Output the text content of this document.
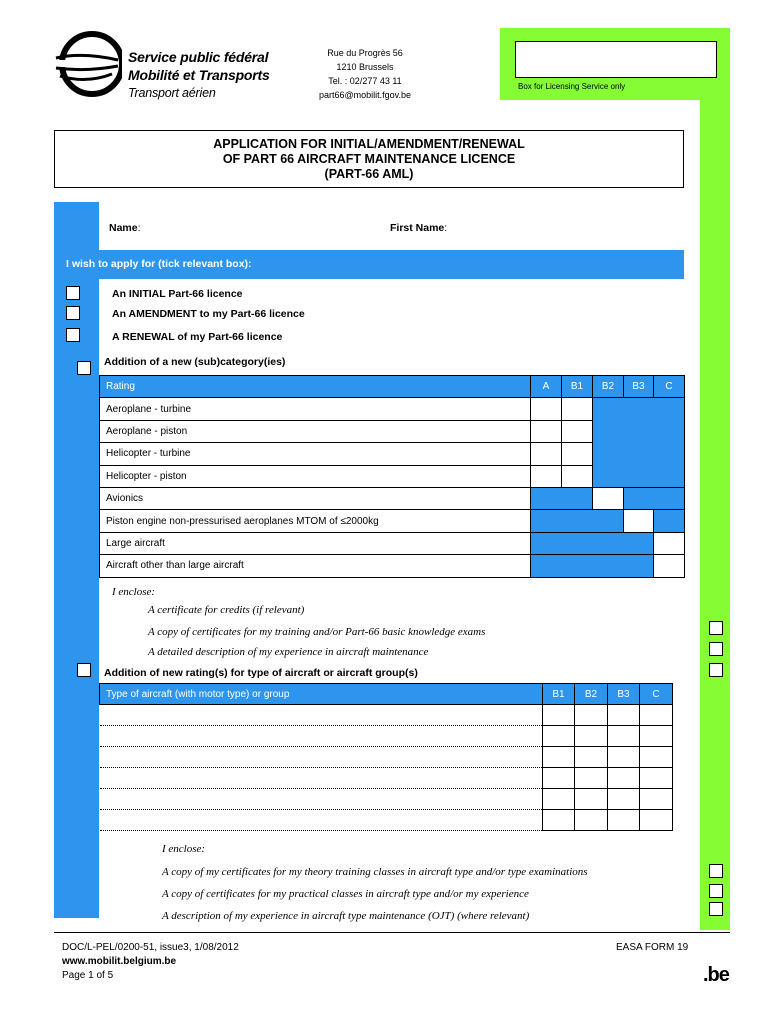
Service public fédéral
Mobilité et Transports
Transport aérien
Rue du Progrès 56
1210 Brussels
Tel. : 02/277 43 11
part66@mobilit.fgov.be
Box for Licensing Service only
APPLICATION FOR INITIAL/AMENDMENT/RENEWAL
OF PART 66 AIRCRAFT MAINTENANCE LICENCE
(PART-66 AML)
I wish to apply for (tick relevant box):
Name:	First Name:
An INITIAL Part-66 licence
An AMENDMENT to my Part-66 licence
A RENEWAL of my Part-66 licence
Addition of a new (sub)category(ies)
Rating	A	B1	B2	B3	C
Aeroplane - turbine					
Aeroplane - piston					
Helicopter - turbine					
Helicopter - piston					
Avionics					
Piston engine non-pressurised aeroplanes MTOM of ≤2000kg					
Large aircraft					
Aircraft other than large aircraft					
I enclose:
A certificate for credits (if relevant)
A copy of certificates for my training and/or Part-66 basic knowledge exams
A detailed description of my experience in aircraft maintenance
Addition of new rating(s) for type of aircraft or aircraft group(s)
Type of aircraft (with motor type) or group	B1	B2	B3	C

I enclose:
A copy of my certificates for my theory training classes in aircraft type and/or type examinations
A copy of certificates for my practical classes in aircraft type and/or my experience
A description of my experience in aircraft type maintenance (OJT) (where relevant)
DOC/L-PEL/0200-51, issue3, 1/08/2012
www.mobilit.belgium.be
Page 1 of 5
EASA FORM 19
.be
